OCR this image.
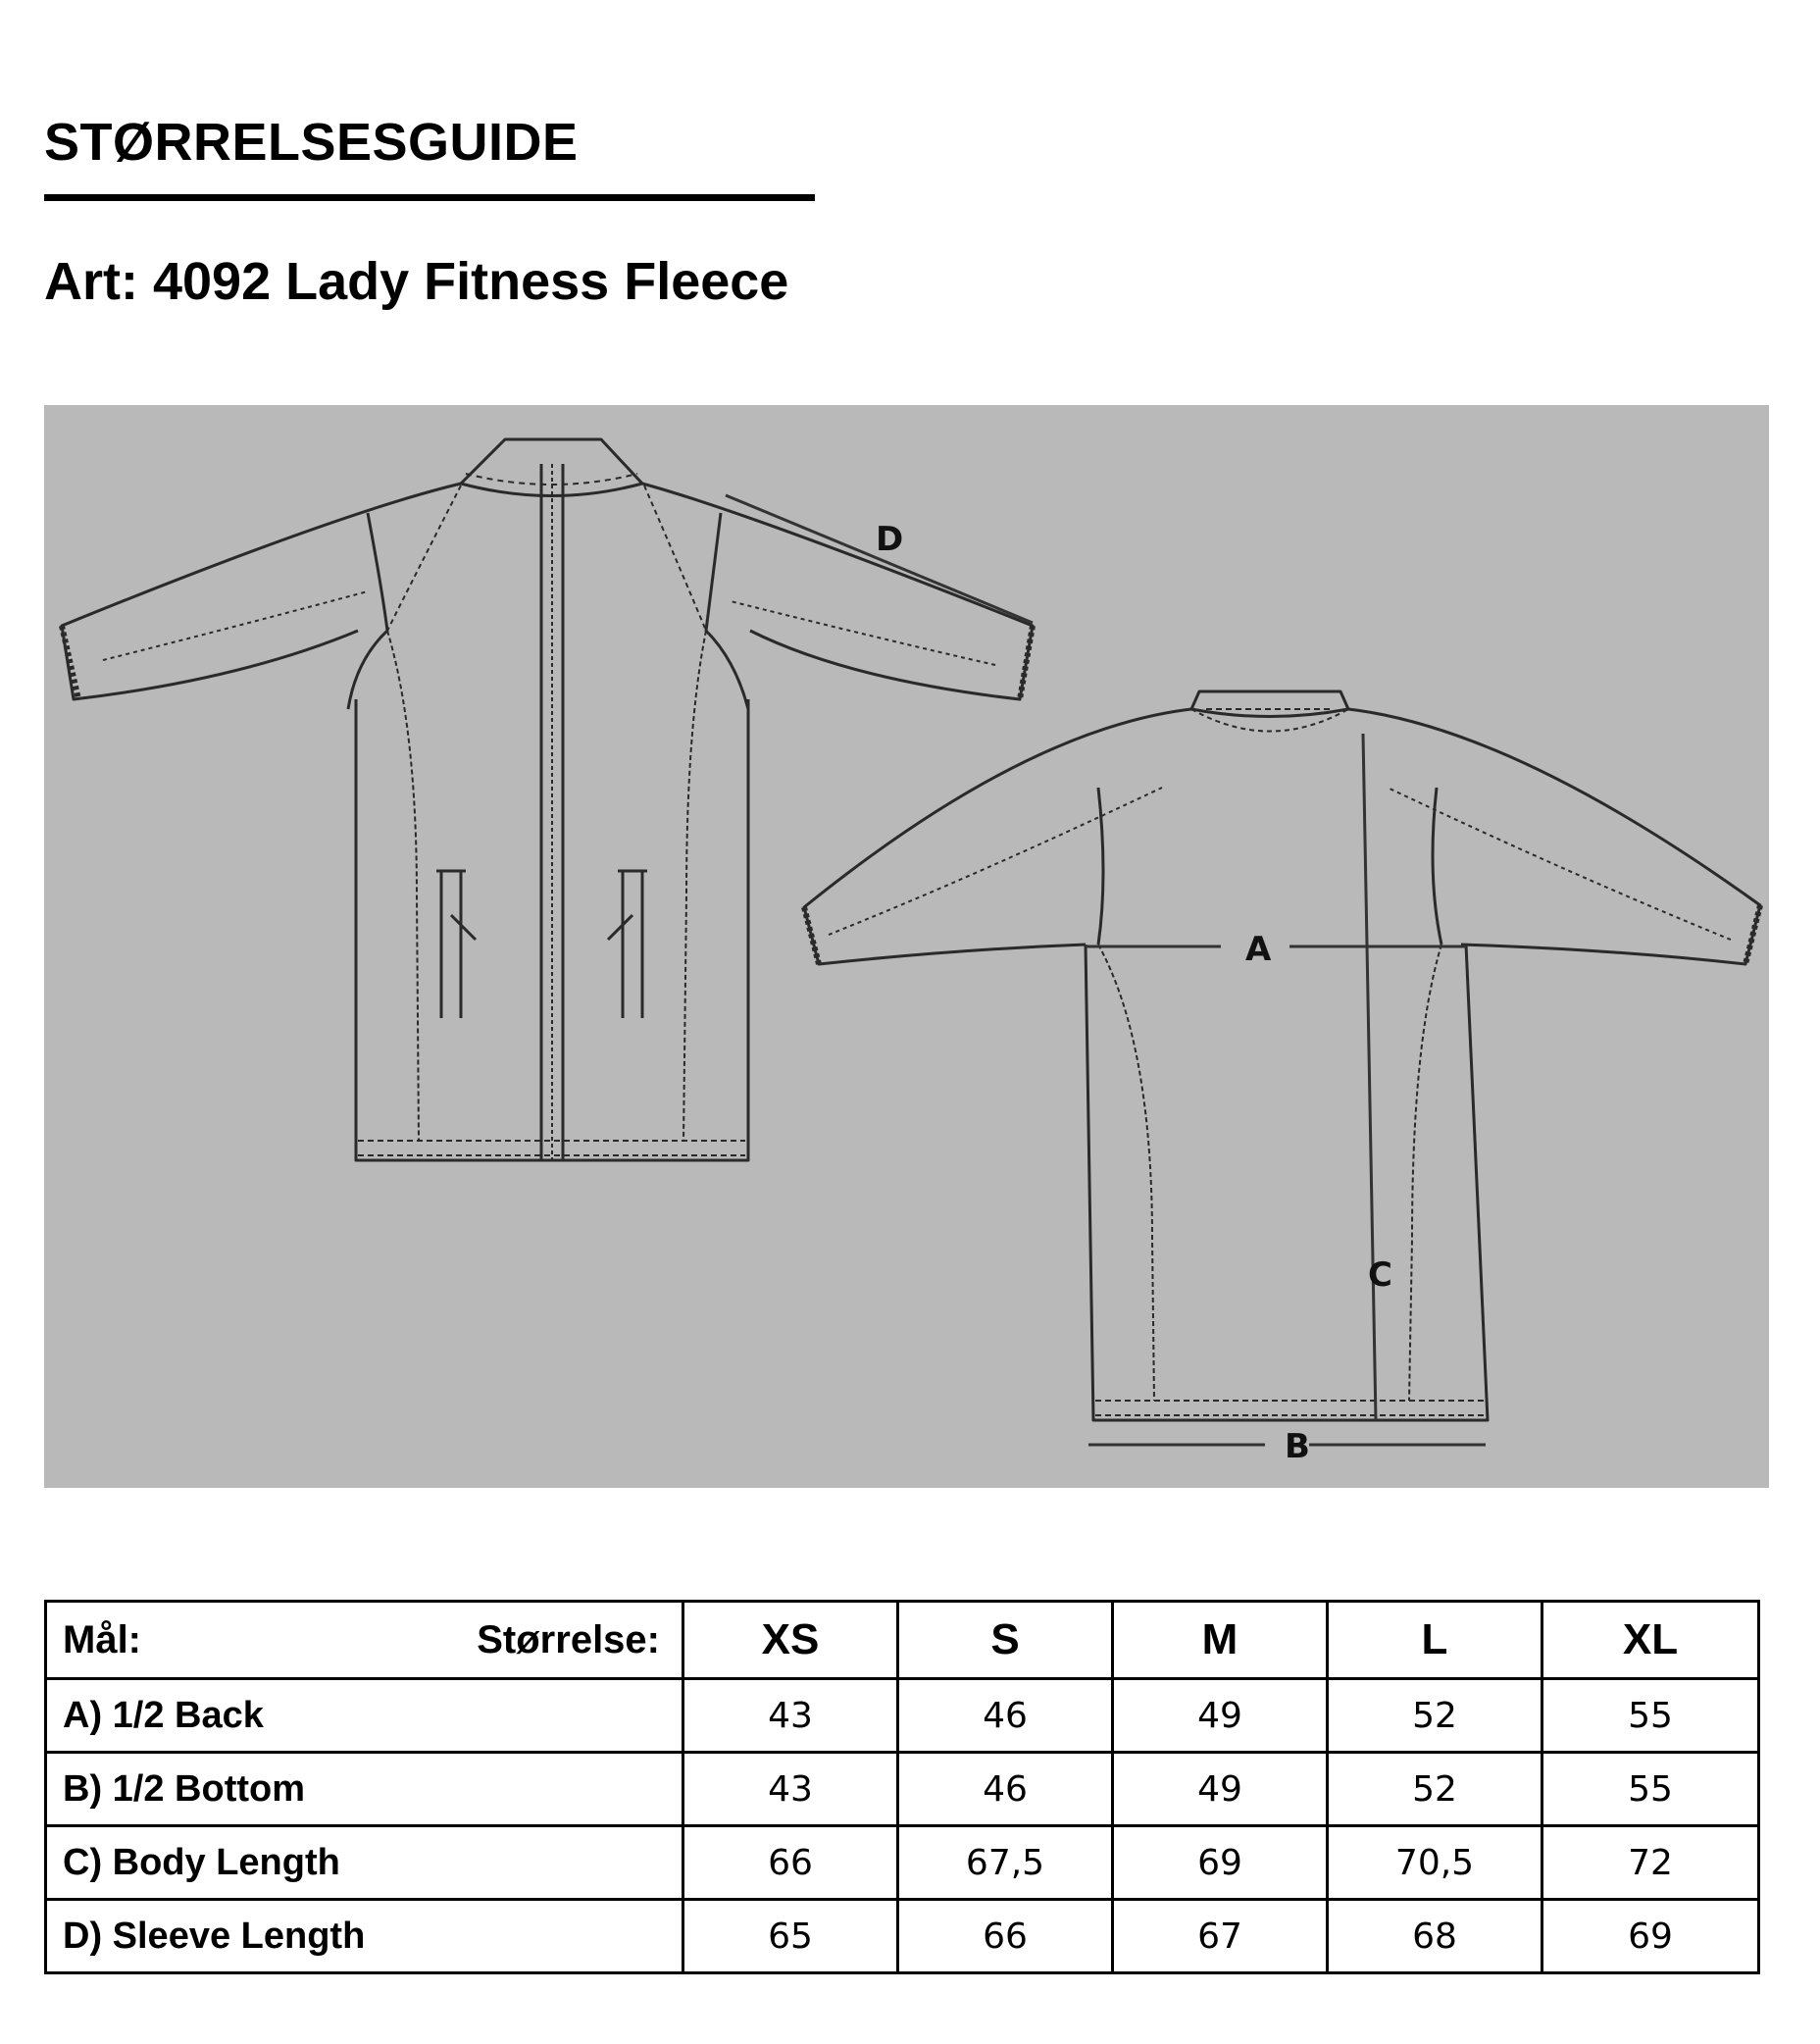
STØRRELSESGUIDE
Art: 4092 Lady Fitness Fleece
D
A
C
B
Mål: Størrelse:	XS	S	M	L	XL
A) 1/2 Back	43	46	49	52	55
B) 1/2 Bottom	43	46	49	52	55
C) Body Length	66	67,5	69	70,5	72
D) Sleeve Length	65	66	67	68	69
